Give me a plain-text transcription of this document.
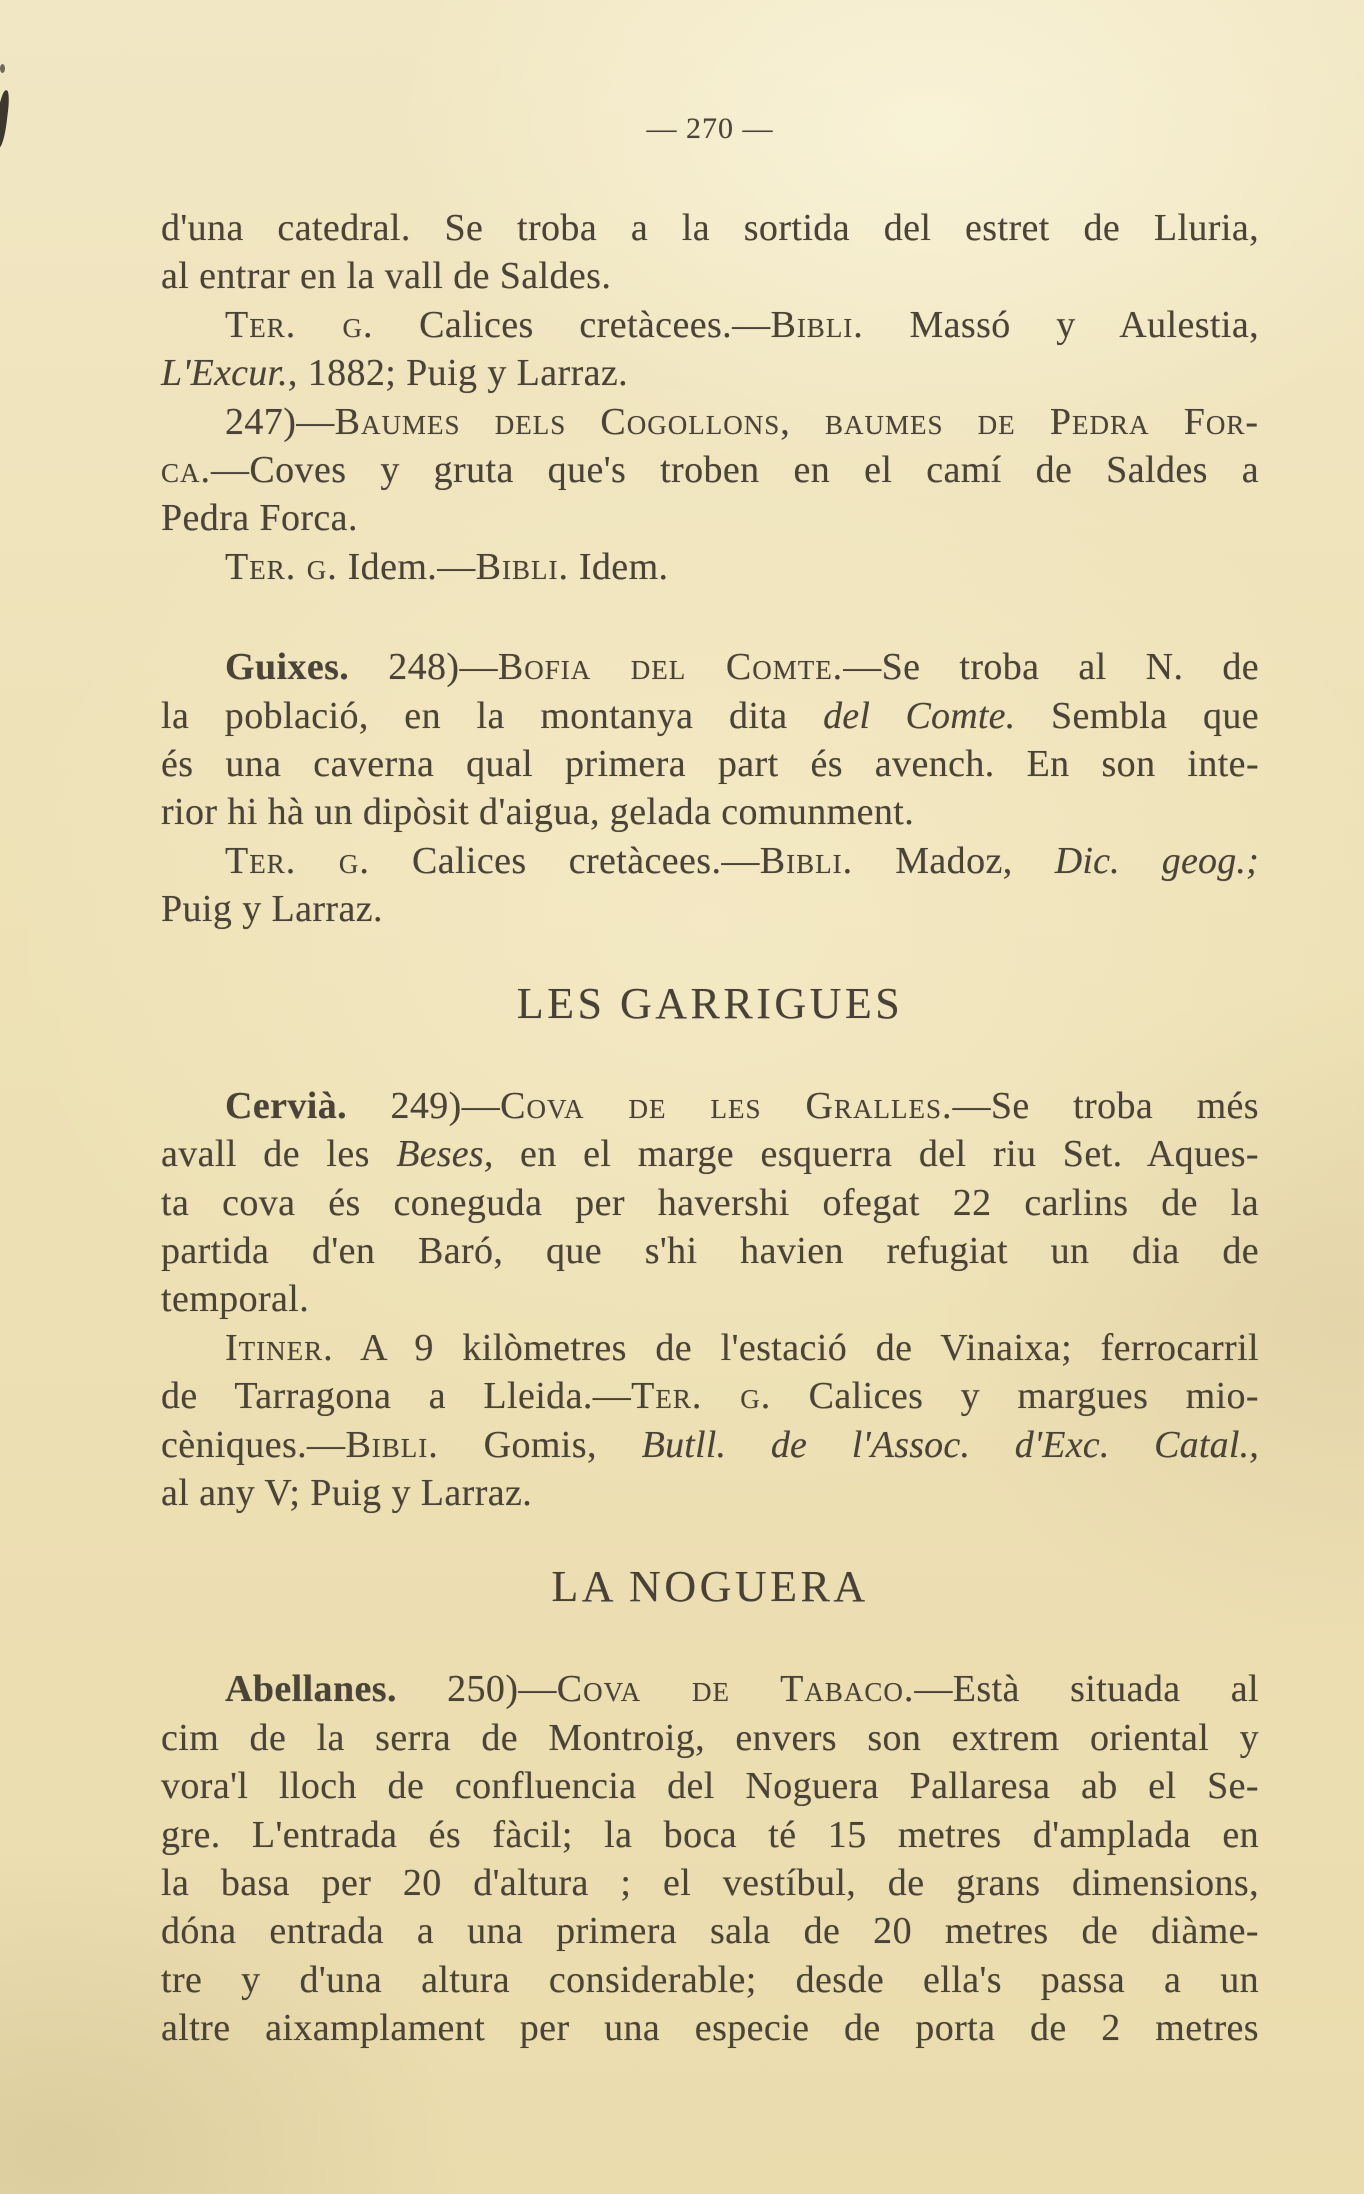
— 270 —
d'una catedral. Se troba a la sortida del estret de Lluria,
al entrar en la vall de Saldes.
Ter. g. Calices cretàcees.—Bibli. Massó y Aulestia,
L'Excur., 1882; Puig y Larraz.
247)—Baumes dels Cogollons, baumes de Pedra For-
ca.—Coves y gruta que's troben en el camí de Saldes a
Pedra Forca.
Ter. g. Idem.—Bibli. Idem.
Guixes. 248)—Bofia del Comte.—Se troba al N. de
la població, en la montanya dita del Comte. Sembla que
és una caverna qual primera part és avench. En son inte-
rior hi hà un dipòsit d'aigua, gelada comunment.
Ter. g. Calices cretàcees.—Bibli. Madoz, Dic. geog.;
Puig y Larraz.
LES GARRIGUES
Cervià. 249)—Cova de les Gralles.—Se troba més
avall de les Beses, en el marge esquerra del riu Set. Aques-
ta cova és coneguda per havershi ofegat 22 carlins de la
partida d'en Baró, que s'hi havien refugiat un dia de
temporal.
Itiner. A 9 kilòmetres de l'estació de Vinaixa; ferrocarril
de Tarragona a Lleida.—Ter. g. Calices y margues mio-
cèniques.—Bibli. Gomis, Butll. de l'Assoc. d'Exc. Catal.,
al any V; Puig y Larraz.
LA NOGUERA
Abellanes. 250)—Cova de Tabaco.—Està situada al
cim de la serra de Montroig, envers son extrem oriental y
vora'l lloch de confluencia del Noguera Pallaresa ab el Se-
gre. L'entrada és fàcil; la boca té 15 metres d'amplada en
la basa per 20 d'altura ; el vestíbul, de grans dimensions,
dóna entrada a una primera sala de 20 metres de diàme-
tre y d'una altura considerable; desde ella's passa a un
altre aixamplament per una especie de porta de 2 metres
